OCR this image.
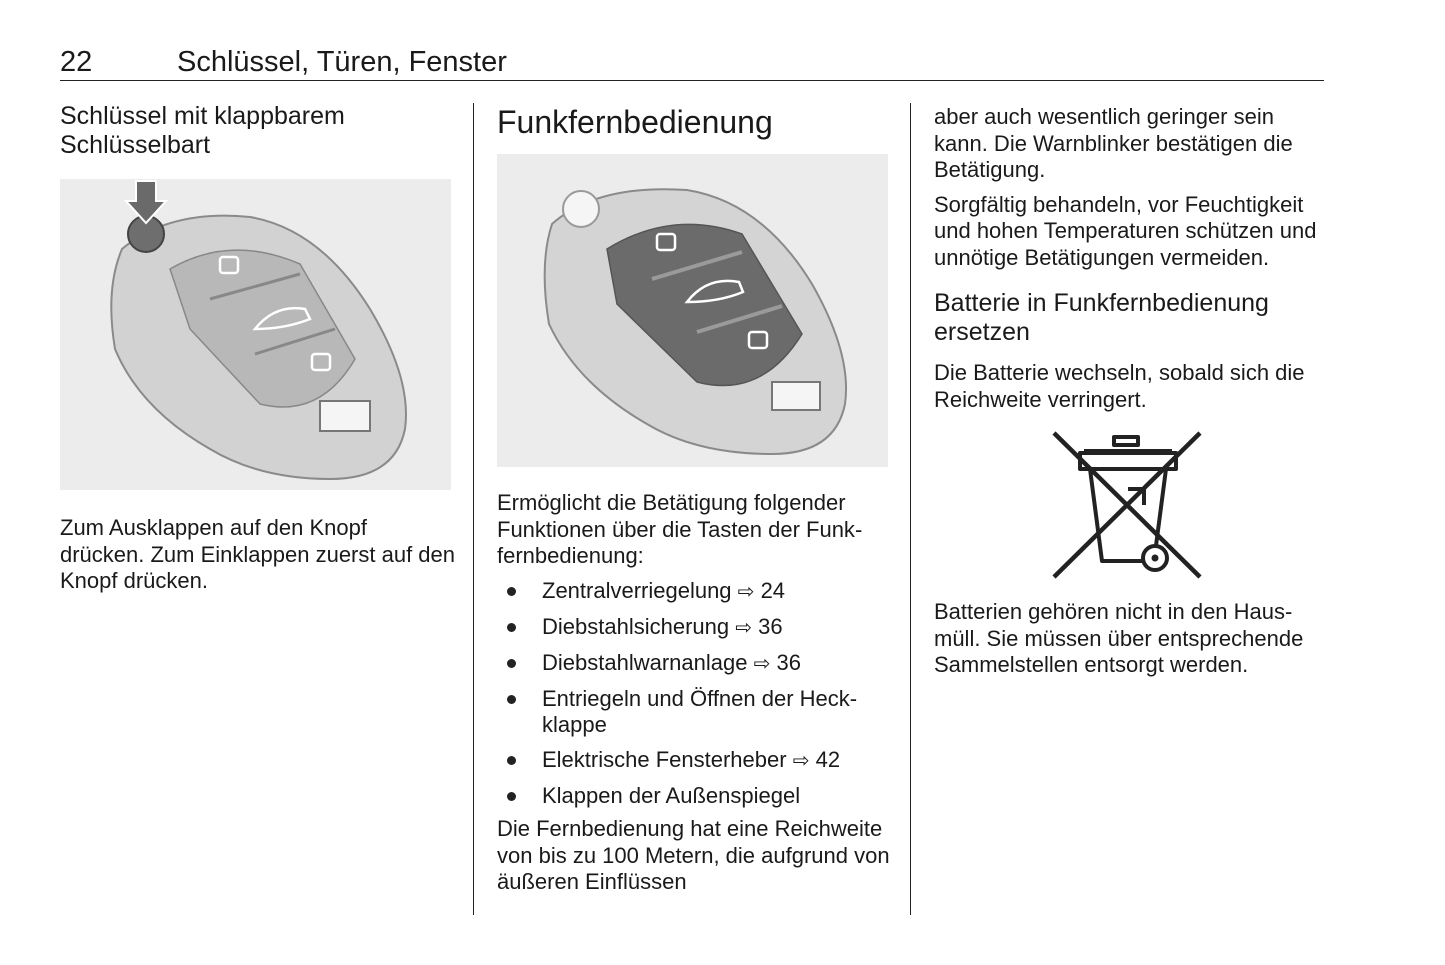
22	Schlüssel, Türen, Fenster
Schlüssel mit klappbarem Schlüsselbart

Zum Ausklappen auf den Knopf drücken. Zum Einklappen zuerst auf den Knopf drücken.

Funkfernbedienung

Ermöglicht die Betätigung folgender Funktionen über die Tasten der Funkfernbedienung:

Zentralverriegelung ⇨ 24
Diebstahlsicherung ⇨ 36
Diebstahlwarnanlage ⇨ 36
Entriegeln und Öffnen der Heckklappe
Elektrische Fensterheber ⇨ 42
Klappen der Außenspiegel

Die Fernbedienung hat eine Reichweite von bis zu 100 Metern, die aufgrund von äußeren Einflüssen

aber auch wesentlich geringer sein kann. Die Warnblinker bestätigen die Betätigung.

Sorgfältig behandeln, vor Feuchtigkeit und hohen Temperaturen schützen und unnötige Betätigungen vermeiden.

Batterie in Funkfernbedienung ersetzen

Die Batterie wechseln, sobald sich die Reichweite verringert.

Batterien gehören nicht in den Hausmüll. Sie müssen über entsprechende Sammelstellen entsorgt werden.
